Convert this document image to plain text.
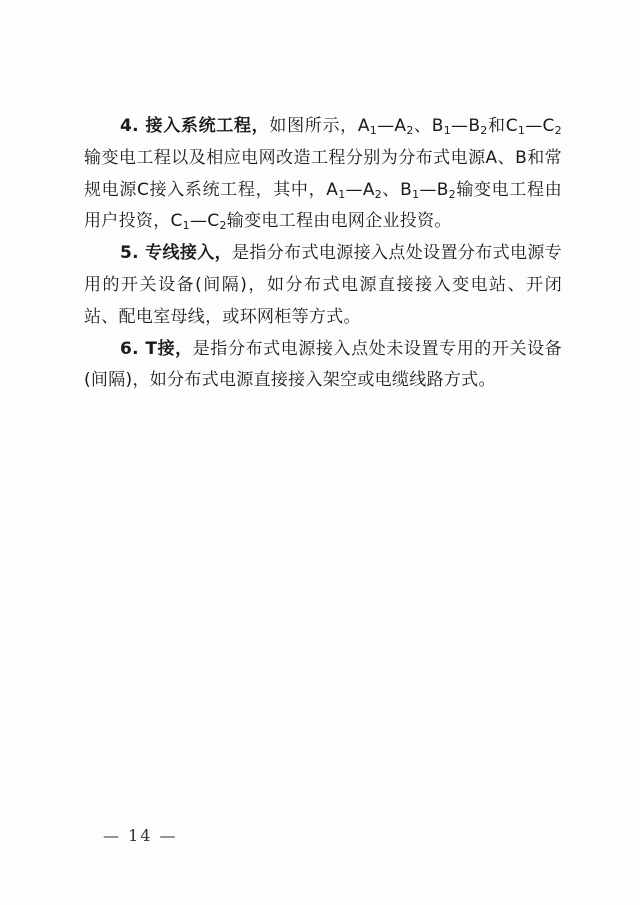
4. 接入系统工程，如图所示，$A_1—A_2$、$B_1—B_2$和$C_1—C_2$输变电工程以及相应电网改造工程分别为分布式电源A、B和常规电源C接入系统工程，其中，$A_1—A_2$、$B_1—B_2$输变电工程由用户投资，$C_1—C_2$输变电工程由电网企业投资。

5. 专线接入，是指分布式电源接入点处设置分布式电源专用的开关设备(间隔)，如分布式电源直接接入变电站、开闭站、配电室母线，或环网柜等方式。

6. T接，是指分布式电源接入点处未设置专用的开关设备(间隔)，如分布式电源直接接入架空或电缆线路方式。

— 14 —
